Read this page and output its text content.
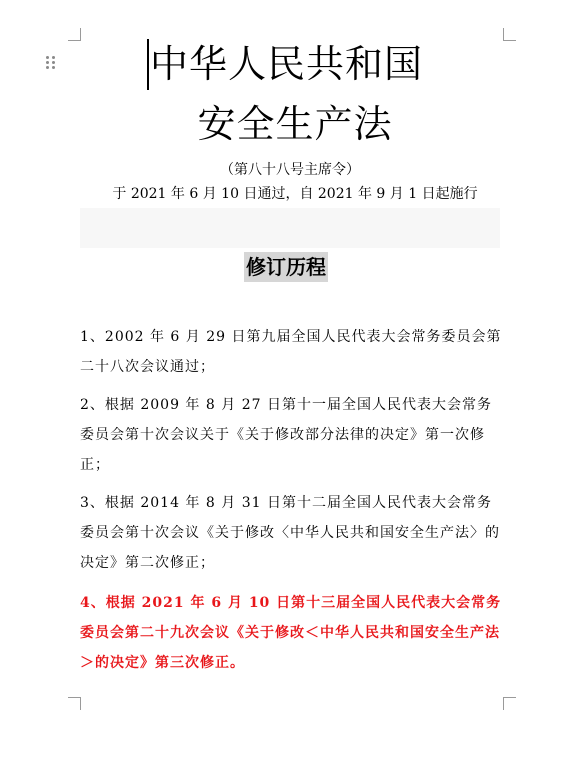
中华人民共和国
安全生产法
（第八十八号主席令）
于 2021 年 6 月 10 日通过，自 2021 年 9 月 1 日起施行
修订历程
1、2002 年 6 月 29 日第九届全国人民代表大会常务委员会第二十八次会议通过；
2、根据 2009 年 8 月 27 日第十一届全国人民代表大会常务委员会第十次会议关于《关于修改部分法律的决定》第一次修正；
3、根据 2014 年 8 月 31 日第十二届全国人民代表大会常务委员会第十次会议《关于修改〈中华人民共和国安全生产法〉的决定》第二次修正；
4、根据 2021 年 6 月 10 日第十三届全国人民代表大会常务委员会第二十九次会议《关于修改＜中华人民共和国安全生产法＞的决定》第三次修正。
